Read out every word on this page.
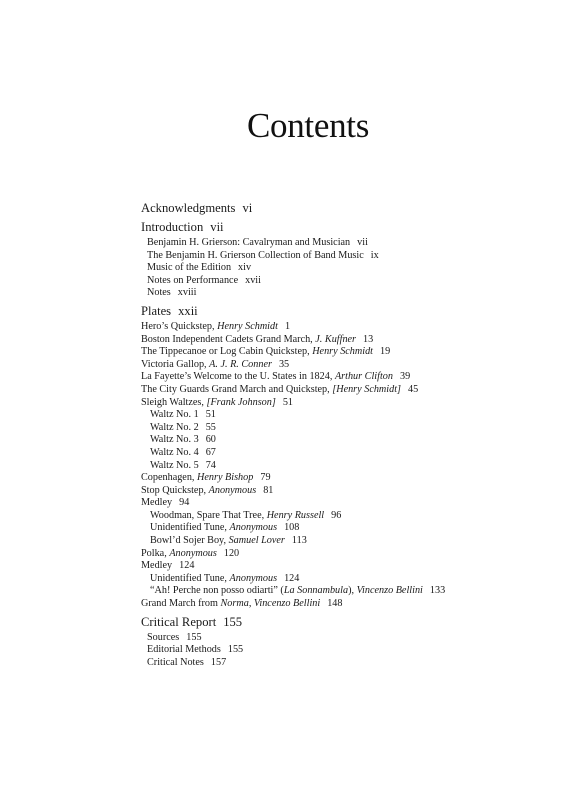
Contents
Acknowledgments vi
Introduction vii
Benjamin H. Grierson: Cavalryman and Musician vii
The Benjamin H. Grierson Collection of Band Music ix
Music of the Edition xiv
Notes on Performance xvii
Notes xviii
Plates xxii
Hero’s Quickstep, Henry Schmidt 1
Boston Independent Cadets Grand March, J. Kuffner 13
The Tippecanoe or Log Cabin Quickstep, Henry Schmidt 19
Victoria Gallop, A. J. R. Conner 35
La Fayette’s Welcome to the U. States in 1824, Arthur Clifton 39
The City Guards Grand March and Quickstep, [Henry Schmidt] 45
Sleigh Waltzes, [Frank Johnson] 51
Waltz No. 1 51
Waltz No. 2 55
Waltz No. 3 60
Waltz No. 4 67
Waltz No. 5 74
Copenhagen, Henry Bishop 79
Stop Quickstep, Anonymous 81
Medley 94
Woodman, Spare That Tree, Henry Russell 96
Unidentified Tune, Anonymous 108
Bowl’d Sojer Boy, Samuel Lover 113
Polka, Anonymous 120
Medley 124
Unidentified Tune, Anonymous 124
“Ah! Perche non posso odiarti” (La Sonnambula), Vincenzo Bellini 133
Grand March from Norma, Vincenzo Bellini 148
Critical Report 155
Sources 155
Editorial Methods 155
Critical Notes 157
